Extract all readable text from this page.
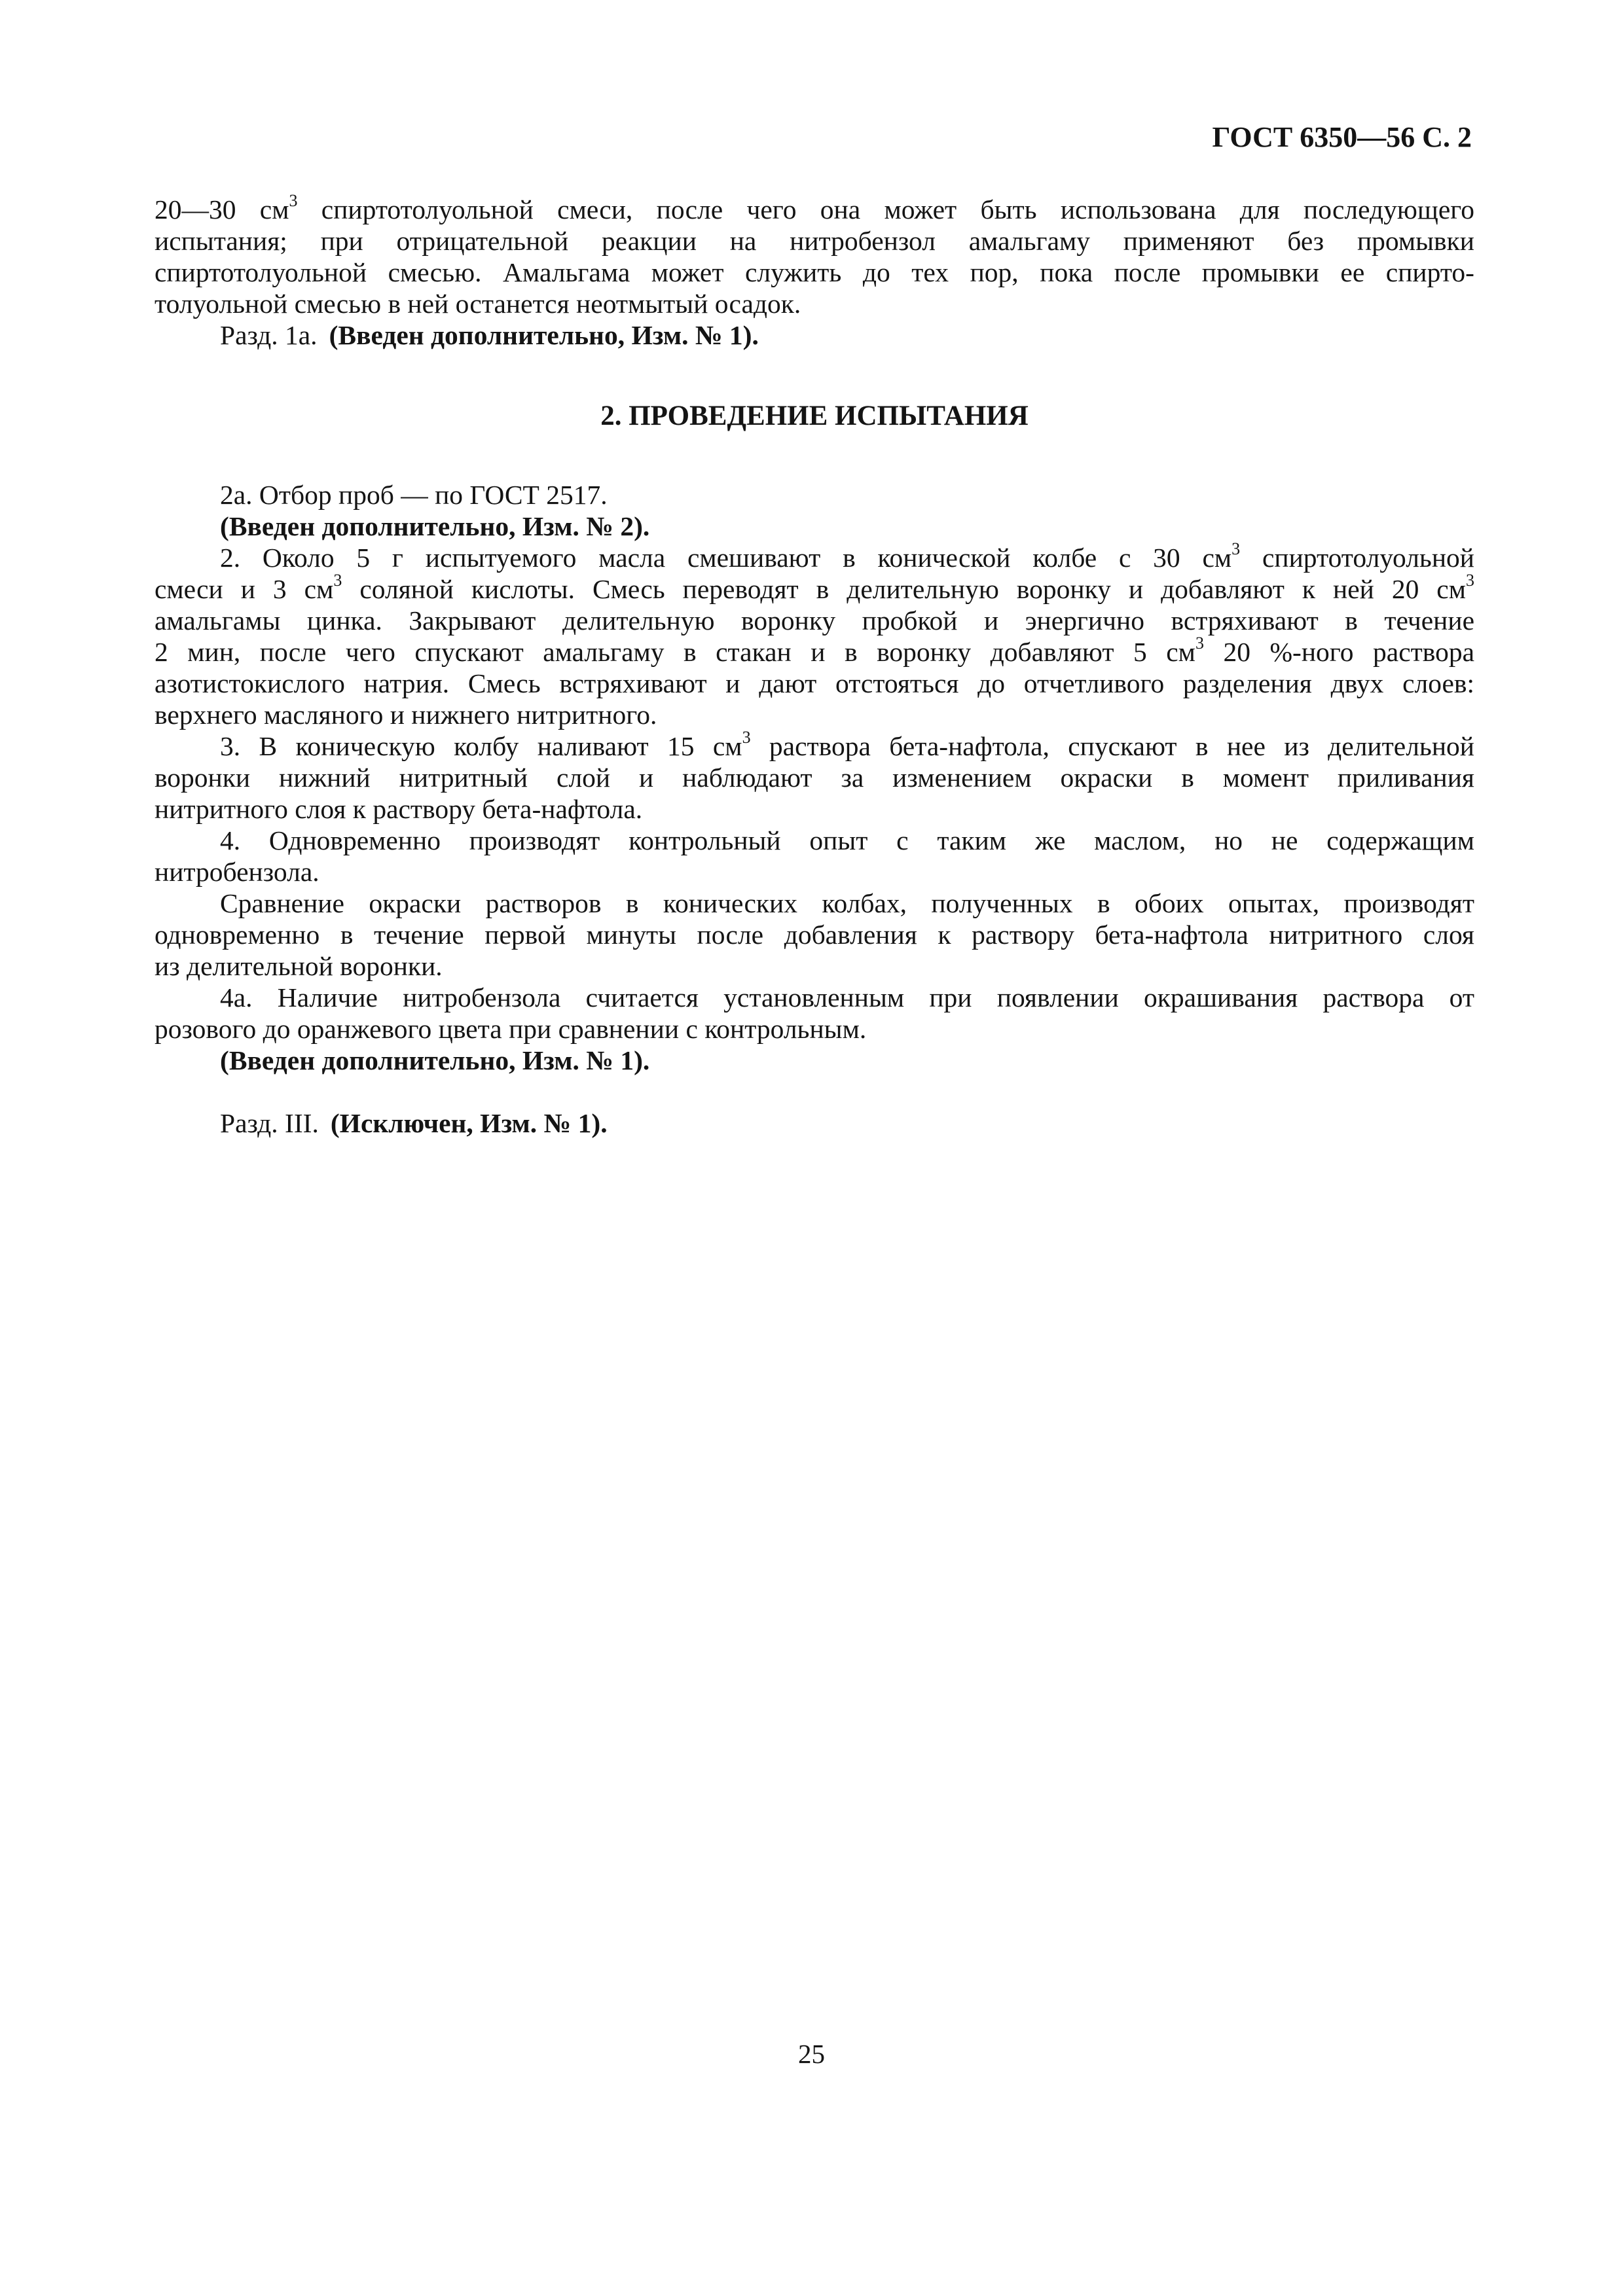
ГОСТ 6350—56 С. 2

20—30 $см^3$ спиртотолуольной смеси, после чего она может быть использована для последующего

испытания; при отрицательной реакции на нитробензол амальгаму применяют без промывки

спиртотолуольной смесью. Амальгама может служить до тех пор, пока после промывки ее спирто-

толуольной смесью в ней останется неотмытый осадок.

Разд. 1а. (Введен дополнительно, Изм. № 1).

2. ПРОВЕДЕНИЕ ИСПЫТАНИЯ

2а. Отбор проб — по ГОСТ 2517.

(Введен дополнительно, Изм. № 2).

2. Около 5 г испытуемого масла смешивают в конической колбе с 30 $см^3$ спиртотолуольной

смеси и 3 $см^3$ соляной кислоты. Смесь переводят в делительную воронку и добавляют к ней 20 $см^3$

амальгамы цинка. Закрывают делительную воронку пробкой и энергично встряхивают в течение

2 мин, после чего спускают амальгаму в стакан и в воронку добавляют 5 $см^3$ 20 %-ного раствора

азотистокислого натрия. Смесь встряхивают и дают отстояться до отчетливого разделения двух слоев:

верхнего масляного и нижнего нитритного.

3. В коническую колбу наливают 15 $см^3$ раствора бета-нафтола, спускают в нее из делительной

воронки нижний нитритный слой и наблюдают за изменением окраски в момент приливания

нитритного слоя к раствору бета-нафтола.

4. Одновременно производят контрольный опыт с таким же маслом, но не содержащим

нитробензола.

Сравнение окраски растворов в конических колбах, полученных в обоих опытах, производят

одновременно в течение первой минуты после добавления к раствору бета-нафтола нитритного слоя

из делительной воронки.

4а. Наличие нитробензола считается установленным при появлении окрашивания раствора от

розового до оранжевого цвета при сравнении с контрольным.

(Введен дополнительно, Изм. № 1).

Разд. III. (Исключен, Изм. № 1).

25
